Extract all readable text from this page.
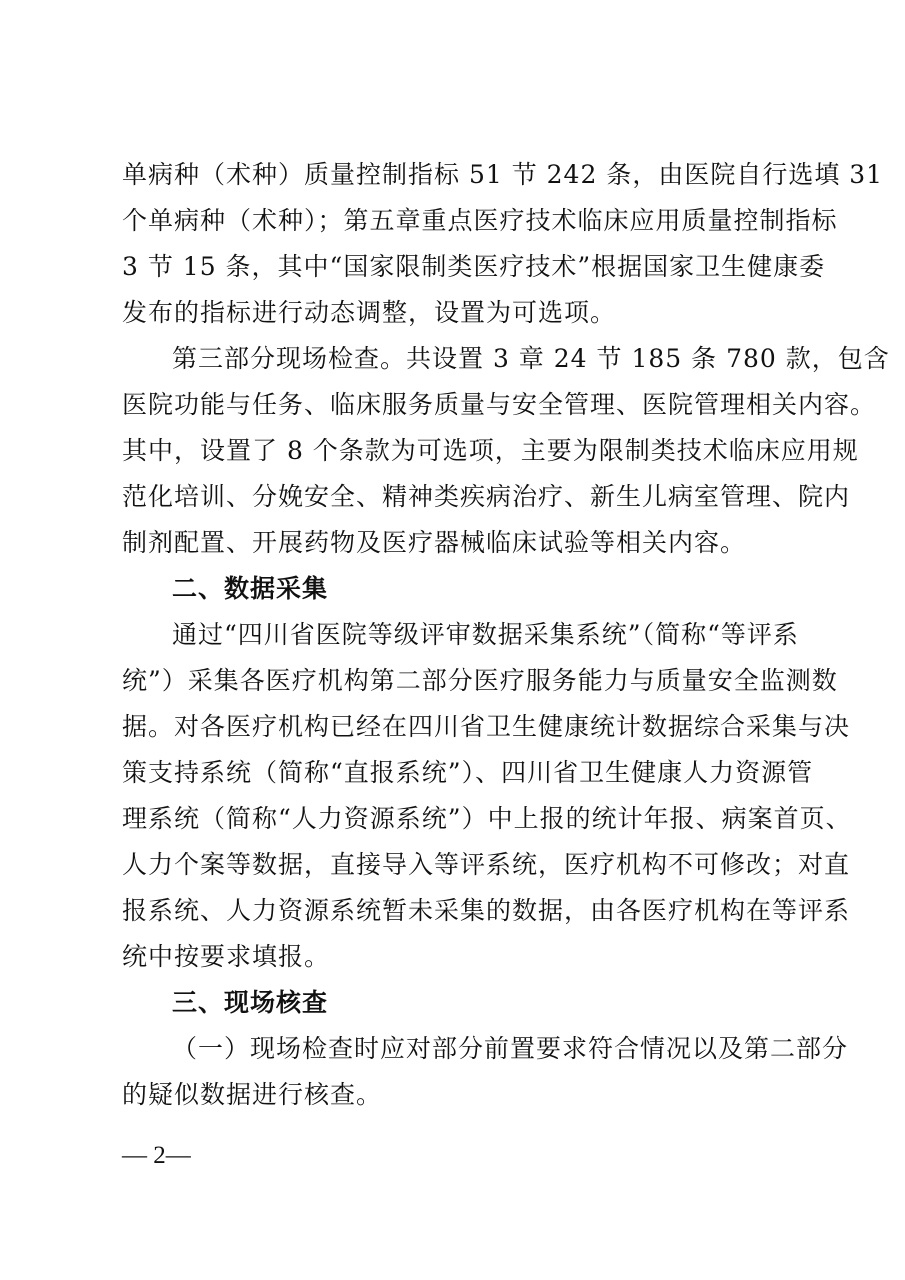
单病种（术种）质量控制指标 51 节 242 条，由医院自行选填 31
个单病种（术种）；第五章重点医疗技术临床应用质量控制指标
3 节 15 条，其中“国家限制类医疗技术”根据国家卫生健康委
发布的指标进行动态调整，设置为可选项。
第三部分现场检查。共设置 3 章 24 节 185 条 780 款，包含
医院功能与任务、临床服务质量与安全管理、医院管理相关内容。
其中，设置了 8 个条款为可选项，主要为限制类技术临床应用规
范化培训、分娩安全、精神类疾病治疗、新生儿病室管理、院内
制剂配置、开展药物及医疗器械临床试验等相关内容。
二、数据采集
通过“四川省医院等级评审数据采集系统”（简称“等评系
统”）采集各医疗机构第二部分医疗服务能力与质量安全监测数
据。对各医疗机构已经在四川省卫生健康统计数据综合采集与决
策支持系统（简称“直报系统”）、四川省卫生健康人力资源管
理系统（简称“人力资源系统”）中上报的统计年报、病案首页、
人力个案等数据，直接导入等评系统，医疗机构不可修改；对直
报系统、人力资源系统暂未采集的数据，由各医疗机构在等评系
统中按要求填报。
三、现场核查
（一）现场检查时应对部分前置要求符合情况以及第二部分
的疑似数据进行核查。
— 2—
